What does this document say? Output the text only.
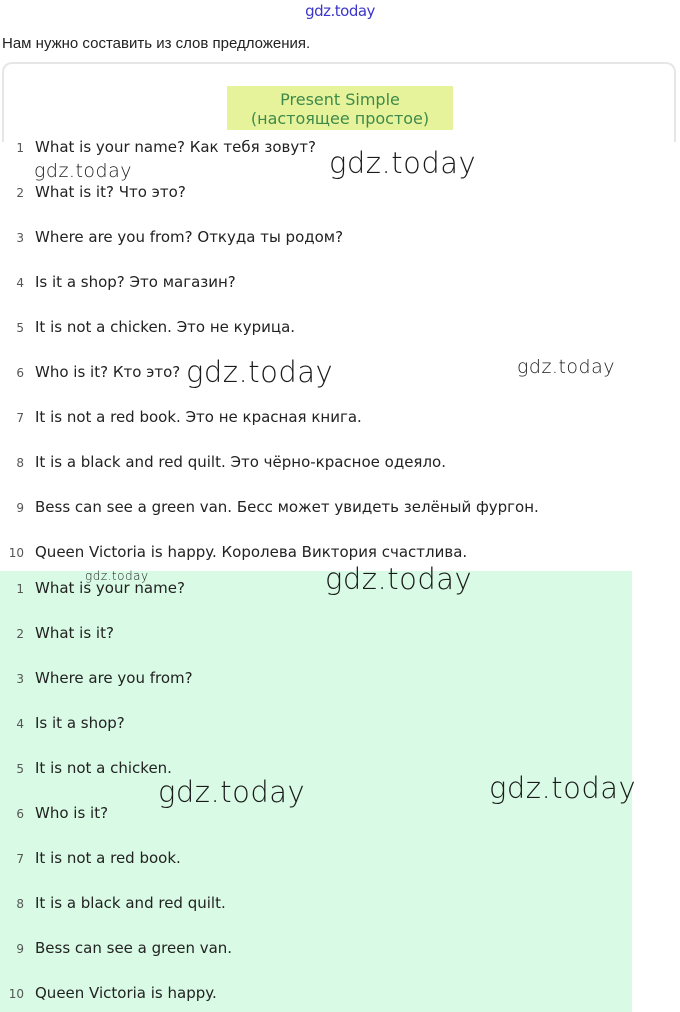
gdz.today
Нам нужно составить из слов предложения.
Present Simple
(настоящее простое)
1 What is your name? Как тебя зовут?
2 What is it? Что это?
3 Where are you from? Откуда ты родом?
4 Is it a shop? Это магазин?
5 It is not a chicken. Это не курица.
6 Who is it? Кто это?
7 It is not a red book. Это не красная книга.
8 It is a black and red quilt. Это чёрно-красное одеяло.
9 Bess can see a green van. Бесс может увидеть зелёный фургон.
10 Queen Victoria is happy. Королева Виктория счастлива.
1 What is your name?
2 What is it?
3 Where are you from?
4 Is it a shop?
5 It is not a chicken.
6 Who is it?
7 It is not a red book.
8 It is a black and red quilt.
9 Bess can see a green van.
10 Queen Victoria is happy.
gdz.today	gdz.today
gdz.today	gdz.today
gdz.today	gdz.today
gdz.today	gdz.today
